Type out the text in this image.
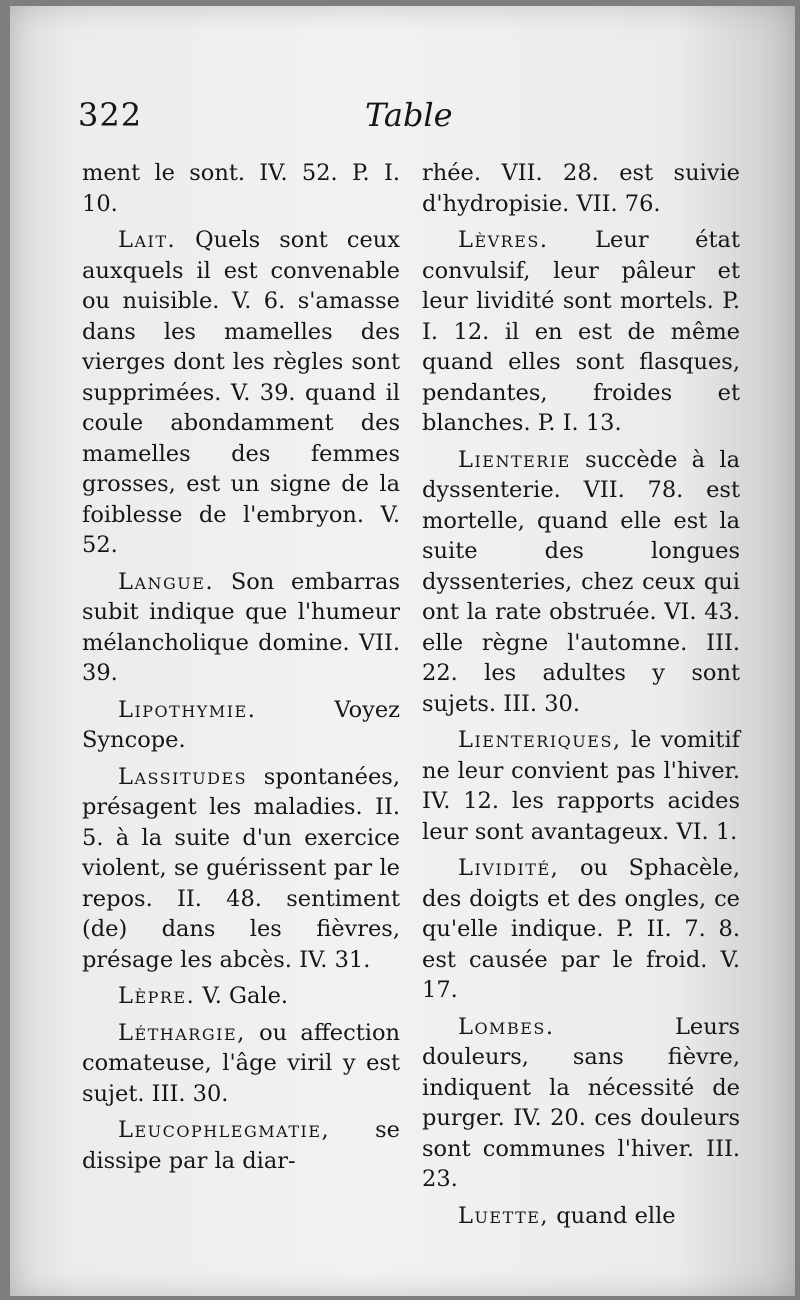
322	Table

ment le sont. IV. 52. P. I. 10.

Lait. Quels sont ceux auxquels il est convenable ou nuisible. V. 6. s'amasse dans les mamelles des vierges dont les règles sont supprimées. V. 39. quand il coule abondamment des mamelles des femmes grosses, est un signe de la foiblesse de l'embryon. V. 52.

Langue. Son embarras subit indique que l'humeur mélancholique domine. VII. 39.

Lipothymie. Voyez Syncope.

Lassitudes spontanées, présagent les maladies. II. 5. à la suite d'un exercice violent, se guérissent par le repos. II. 48. sentiment (de) dans les fièvres, présage les abcès. IV. 31.

Lèpre. V. Gale.

Léthargie, ou affection comateuse, l'âge viril y est sujet. III. 30.

Leucophlegmatie, se dissipe par la diar-

rhée. VII. 28. est suivie d'hydropisie. VII. 76.

Lèvres. Leur état convulsif, leur pâleur et leur lividité sont mortels. P. I. 12. il en est de même quand elles sont flasques, pendantes, froides et blanches. P. I. 13.

Lienterie succède à la dyssenterie. VII. 78. est mortelle, quand elle est la suite des longues dyssenteries, chez ceux qui ont la rate obstruée. VI. 43. elle règne l'automne. III. 22. les adultes y sont sujets. III. 30.

Lienteriques, le vomitif ne leur convient pas l'hiver. IV. 12. les rapports acides leur sont avantageux. VI. 1.

Lividité, ou Sphacèle, des doigts et des ongles, ce qu'elle indique. P. II. 7. 8. est causée par le froid. V. 17.

Lombes. Leurs douleurs, sans fièvre, indiquent la nécessité de purger. IV. 20. ces douleurs sont communes l'hiver. III. 23.

Luette, quand elle
